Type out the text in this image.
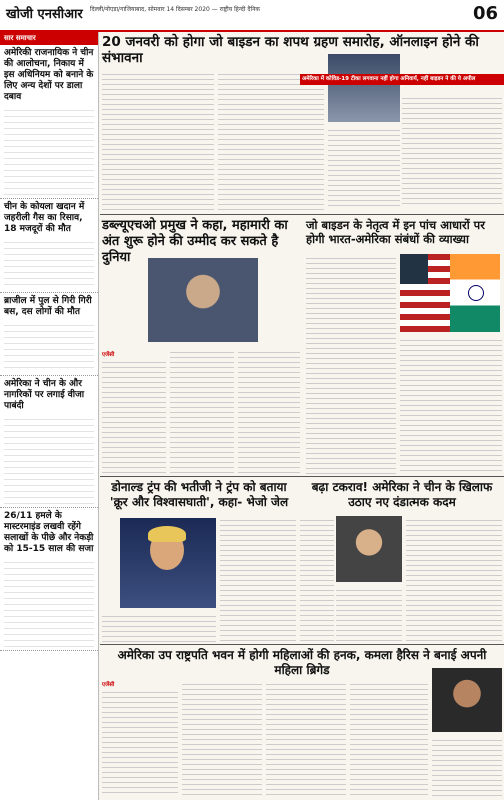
खोजी एनसीआर दिल्ली/नोएडा/गाजियाबाद, सोमवार 14 दिसम्बर 2020 — राष्ट्रीय हिन्दी दैनिक	06
सार समाचार
अमेरिकी राजनायिक ने चीन की आलोचना, निकाय में इस अधिनियम को बनाने के लिए अन्य देशों पर डाला दबाव
चीन के कोयला खदान में जहरीली गैस का रिसाव, 18 मजदूरों की मौत
ब्राजील में पुल से गिरी गिरी बस, दस लोगों की मौत
अमेरिका ने चीन के और नागरिकों पर लगाई वीजा पाबंदी
26/11 हमले के मास्टरमाइंड लखवी रहेंगे सलाखों के पीछे और नेकड़ी को 15-15 साल की सजा
20 जनवरी को होगा जो बाइडन का शपथ ग्रहण समारोह, ऑनलाइन होने की संभावना
अमेरिका में कोविड-19 टीका लगवाना नहीं होगा अनिवार्य, नहीं बाइडन ने की ये अपील
डब्ल्यूएचओ प्रमुख ने कहा, महामारी का अंत शुरू होने की उम्मीद कर सकते है दुनिया
जो बाइडन के नेतृत्व में इन पांच आधारों पर होगी भारत-अमेरिका संबंधों की व्याख्या
एजेंसी
डोनाल्ड ट्रंप की भतीजी ने ट्रंप को बताया 'क्रूर और विश्वासघाती', कहा- भेजो जेल
बढ़ा टकराव! अमेरिका ने चीन के खिलाफ उठाए नए दंडात्मक कदम
अमेरिका उप राष्ट्रपति भवन में होगी महिलाओं की हनक, कमला हैरिस ने बनाई अपनी महिला ब्रिगेड
एजेंसी
